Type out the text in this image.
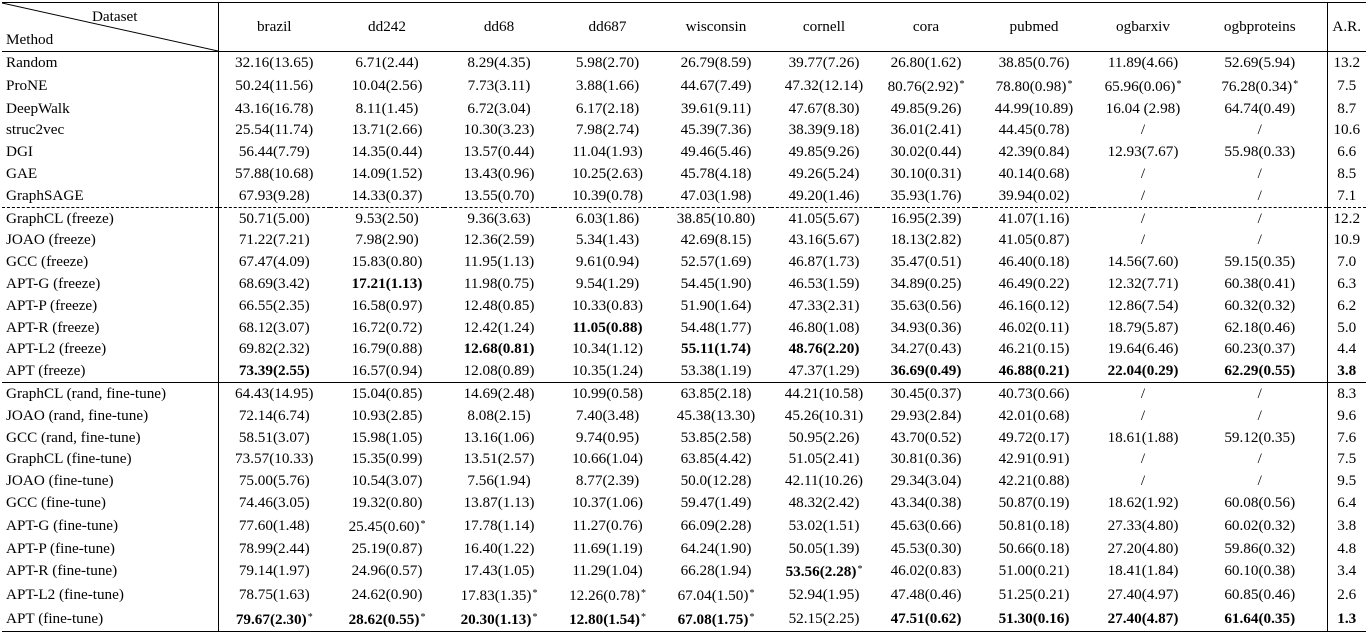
Dataset
Method	brazil	dd242	dd68	dd687	wisconsin	cornell	cora	pubmed	ogbarxiv	ogbproteins	A.R.
Random	32.16(13.65)	6.71(2.44)	8.29(4.35)	5.98(2.70)	26.79(8.59)	39.77(7.26)	26.80(1.62)	38.85(0.76)	11.89(4.66)	52.69(5.94)	13.2
ProNE	50.24(11.56)	10.04(2.56)	7.73(3.11)	3.88(1.66)	44.67(7.49)	47.32(12.14)	80.76(2.92)*	78.80(0.98)*	65.96(0.06)*	76.28(0.34)*	7.5
DeepWalk	43.16(16.78)	8.11(1.45)	6.72(3.04)	6.17(2.18)	39.61(9.11)	47.67(8.30)	49.85(9.26)	44.99(10.89)	16.04 (2.98)	64.74(0.49)	8.7
struc2vec	25.54(11.74)	13.71(2.66)	10.30(3.23)	7.98(2.74)	45.39(7.36)	38.39(9.18)	36.01(2.41)	44.45(0.78)	/	/	10.6
DGI	56.44(7.79)	14.35(0.44)	13.57(0.44)	11.04(1.93)	49.46(5.46)	49.85(9.26)	30.02(0.44)	42.39(0.84)	12.93(7.67)	55.98(0.33)	6.6
GAE	57.88(10.68)	14.09(1.52)	13.43(0.96)	10.25(2.63)	45.78(4.18)	49.26(5.24)	30.10(0.31)	40.14(0.68)	/	/	8.5
GraphSAGE	67.93(9.28)	14.33(0.37)	13.55(0.70)	10.39(0.78)	47.03(1.98)	49.20(1.46)	35.93(1.76)	39.94(0.02)	/	/	7.1
GraphCL (freeze)	50.71(5.00)	9.53(2.50)	9.36(3.63)	6.03(1.86)	38.85(10.80)	41.05(5.67)	16.95(2.39)	41.07(1.16)	/	/	12.2
JOAO (freeze)	71.22(7.21)	7.98(2.90)	12.36(2.59)	5.34(1.43)	42.69(8.15)	43.16(5.67)	18.13(2.82)	41.05(0.87)	/	/	10.9
GCC (freeze)	67.47(4.09)	15.83(0.80)	11.95(1.13)	9.61(0.94)	52.57(1.69)	46.87(1.73)	35.47(0.51)	46.40(0.18)	14.56(7.60)	59.15(0.35)	7.0
APT-G (freeze)	68.69(3.42)	17.21(1.13)	11.98(0.75)	9.54(1.29)	54.45(1.90)	46.53(1.59)	34.89(0.25)	46.49(0.22)	12.32(7.71)	60.38(0.41)	6.3
APT-P (freeze)	66.55(2.35)	16.58(0.97)	12.48(0.85)	10.33(0.83)	51.90(1.64)	47.33(2.31)	35.63(0.56)	46.16(0.12)	12.86(7.54)	60.32(0.32)	6.2
APT-R (freeze)	68.12(3.07)	16.72(0.72)	12.42(1.24)	11.05(0.88)	54.48(1.77)	46.80(1.08)	34.93(0.36)	46.02(0.11)	18.79(5.87)	62.18(0.46)	5.0
APT-L2 (freeze)	69.82(2.32)	16.79(0.88)	12.68(0.81)	10.34(1.12)	55.11(1.74)	48.76(2.20)	34.27(0.43)	46.21(0.15)	19.64(6.46)	60.23(0.37)	4.4
APT (freeze)	73.39(2.55)	16.57(0.94)	12.08(0.89)	10.35(1.24)	53.38(1.19)	47.37(1.29)	36.69(0.49)	46.88(0.21)	22.04(0.29)	62.29(0.55)	3.8
GraphCL (rand, fine-tune)	64.43(14.95)	15.04(0.85)	14.69(2.48)	10.99(0.58)	63.85(2.18)	44.21(10.58)	30.45(0.37)	40.73(0.66)	/	/	8.3
JOAO (rand, fine-tune)	72.14(6.74)	10.93(2.85)	8.08(2.15)	7.40(3.48)	45.38(13.30)	45.26(10.31)	29.93(2.84)	42.01(0.68)	/	/	9.6
GCC (rand, fine-tune)	58.51(3.07)	15.98(1.05)	13.16(1.06)	9.74(0.95)	53.85(2.58)	50.95(2.26)	43.70(0.52)	49.72(0.17)	18.61(1.88)	59.12(0.35)	7.6
GraphCL (fine-tune)	73.57(10.33)	15.35(0.99)	13.51(2.57)	10.66(1.04)	63.85(4.42)	51.05(2.41)	30.81(0.36)	42.91(0.91)	/	/	7.5
JOAO (fine-tune)	75.00(5.76)	10.54(3.07)	7.56(1.94)	8.77(2.39)	50.0(12.28)	42.11(10.26)	29.34(3.04)	42.21(0.88)	/	/	9.5
GCC (fine-tune)	74.46(3.05)	19.32(0.80)	13.87(1.13)	10.37(1.06)	59.47(1.49)	48.32(2.42)	43.34(0.38)	50.87(0.19)	18.62(1.92)	60.08(0.56)	6.4
APT-G (fine-tune)	77.60(1.48)	25.45(0.60)*	17.78(1.14)	11.27(0.76)	66.09(2.28)	53.02(1.51)	45.63(0.66)	50.81(0.18)	27.33(4.80)	60.02(0.32)	3.8
APT-P (fine-tune)	78.99(2.44)	25.19(0.87)	16.40(1.22)	11.69(1.19)	64.24(1.90)	50.05(1.39)	45.53(0.30)	50.66(0.18)	27.20(4.80)	59.86(0.32)	4.8
APT-R (fine-tune)	79.14(1.97)	24.96(0.57)	17.43(1.05)	11.29(1.04)	66.28(1.94)	53.56(2.28)*	46.02(0.83)	51.00(0.21)	18.41(1.84)	60.10(0.38)	3.4
APT-L2 (fine-tune)	78.75(1.63)	24.62(0.90)	17.83(1.35)*	12.26(0.78)*	67.04(1.50)*	52.94(1.95)	47.48(0.46)	51.25(0.21)	27.40(4.97)	60.85(0.46)	2.6
APT (fine-tune)	79.67(2.30)*	28.62(0.55)*	20.30(1.13)*	12.80(1.54)*	67.08(1.75)*	52.15(2.25)	47.51(0.62)	51.30(0.16)	27.40(4.87)	61.64(0.35)	1.3
